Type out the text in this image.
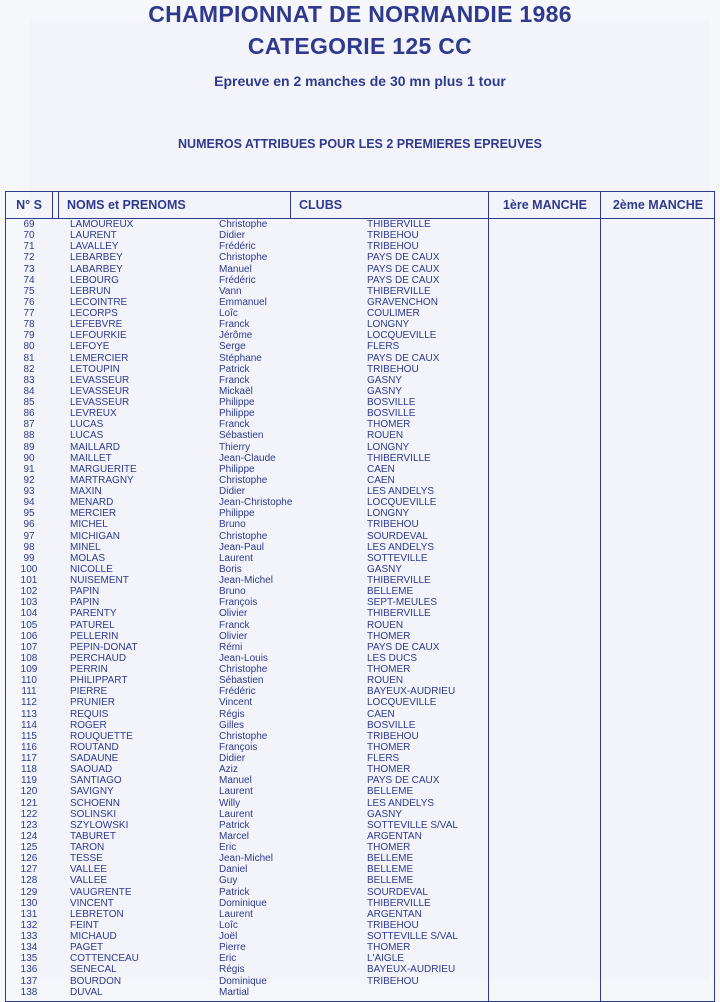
CHAMPIONNAT DE NORMANDIE 1986
CATEGORIE 125 CC
Epreuve en 2 manches de 30 mn plus 1 tour
NUMEROS ATTRIBUES POUR LES 2 PREMIERES EPREUVES
N° S	NOMS et PRENOMS	CLUBS	1ère MANCHE	2ème MANCHE
69	LAMOUREUX	Christophe	THIBERVILLE
70	LAURENT	Didier	TRIBEHOU
71	LAVALLEY	Frédéric	TRIBEHOU
72	LEBARBEY	Christophe	PAYS DE CAUX
73	LABARBEY	Manuel	PAYS DE CAUX
74	LEBOURG	Frédéric	PAYS DE CAUX
75	LEBRUN	Vann	THIBERVILLE
76	LECOINTRE	Emmanuel	GRAVENCHON
77	LECORPS	Loîc	COULIMER
78	LEFEBVRE	Franck	LONGNY
79	LEFOURKIE	Jérôme	LOCQUEVILLE
80	LEFOYE	Serge	FLERS
81	LEMERCIER	Stéphane	PAYS DE CAUX
82	LETOUPIN	Patrick	TRIBEHOU
83	LEVASSEUR	Franck	GASNY
84	LEVASSEUR	Mickaël	GASNY
85	LEVASSEUR	Philippe	BOSVILLE
86	LEVREUX	Philippe	BOSVILLE
87	LUCAS	Franck	THOMER
88	LUCAS	Sébastien	ROUEN
89	MAILLARD	Thierry	LONGNY
90	MAILLET	Jean-Claude	THIBERVILLE
91	MARGUERITE	Philippe	CAEN
92	MARTRAGNY	Christophe	CAEN
93	MAXIN	Didier	LES ANDELYS
94	MENARD	Jean-Christophe	LOCQUEVILLE
95	MERCIER	Philippe	LONGNY
96	MICHEL	Bruno	TRIBEHOU
97	MICHIGAN	Christophe	SOURDEVAL
98	MINEL	Jean-Paul	LES ANDELYS
99	MOLAS	Laurent	SOTTEVILLE
100	NICOLLE	Boris	GASNY
101	NUISEMENT	Jean-Michel	THIBERVILLE
102	PAPIN	Bruno	BELLEME
103	PAPIN	François	SEPT-MEULES
104	PARENTY	Olivier	THIBERVILLE
105	PATUREL	Franck	ROUEN
106	PELLERIN	Olivier	THOMER
107	PEPIN-DONAT	Rémi	PAYS DE CAUX
108	PERCHAUD	Jean-Louis	LES DUCS
109	PERRIN	Christophe	THOMER
110	PHILIPPART	Sébastien	ROUEN
111	PIERRE	Frédéric	BAYEUX-AUDRIEU
112	PRUNIER	Vincent	LOCQUEVILLE
113	REQUIS	Régis	CAEN
114	ROGER	Gilles	BOSVILLE
115	ROUQUETTE	Christophe	TRIBEHOU
116	ROUTAND	François	THOMER
117	SADAUNE	Didier	FLERS
118	SAOUAD	Aziz	THOMER
119	SANTIAGO	Manuel	PAYS DE CAUX
120	SAVIGNY	Laurent	BELLEME
121	SCHOENN	Willy	LES ANDELYS
122	SOLINSKI	Laurent	GASNY
123	SZYLOWSKI	Patrick	SOTTEVILLE S/VAL
124	TABURET	Marcel	ARGENTAN
125	TARON	Eric	THOMER
126	TESSE	Jean-Michel	BELLEME
127	VALLEE	Daniel	BELLEME
128	VALLEE	Guy	BELLEME
129	VAUGRENTE	Patrick	SOURDEVAL
130	VINCENT	Dominique	THIBERVILLE
131	LEBRETON	Laurent	ARGENTAN
132	FEINT	Loîc	TRIBEHOU
133	MICHAUD	Joël	SOTTEVILLE S/VAL
134	PAGET	Pierre	THOMER
135	COTTENCEAU	Eric	L'AIGLE
136	SENECAL	Régis	BAYEUX-AUDRIEU
137	BOURDON	Dominique	TRIBEHOU
138	DUVAL	Martial
